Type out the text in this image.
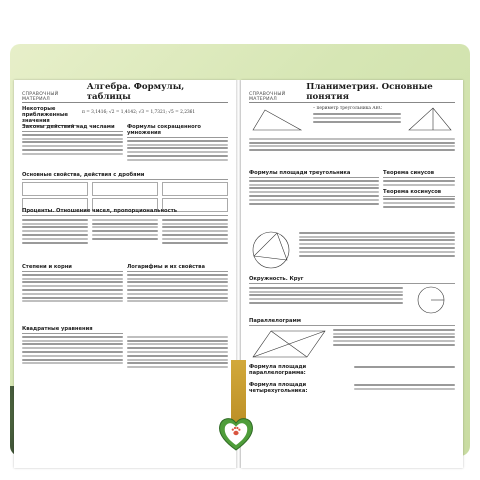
СПРАВОЧНЫЙ МАТЕРИАЛ
Алгебра. Формулы, таблицы
Некоторые приближенные значения
π = 3,1416; √2 = 1,4142; √3 = 1,7321; √5 = 2,2361
Законы действий над числами	Формулы сокращенного умножения
Основные свойства, действия с дробями
Проценты. Отношение чисел, пропорциональность
Степени и корни	Логарифмы и их свойства
Квадратные уравнения
СПРАВОЧНЫЙ МАТЕРИАЛ
Планиметрия. Основные понятия
– периметр треугольника ABC
Формулы площади треугольника	Теорема синусов
Теорема косинусов
Окружность. Круг
Параллелограмм
Формула площади параллелограмма:
Формула площади четырехугольника:
